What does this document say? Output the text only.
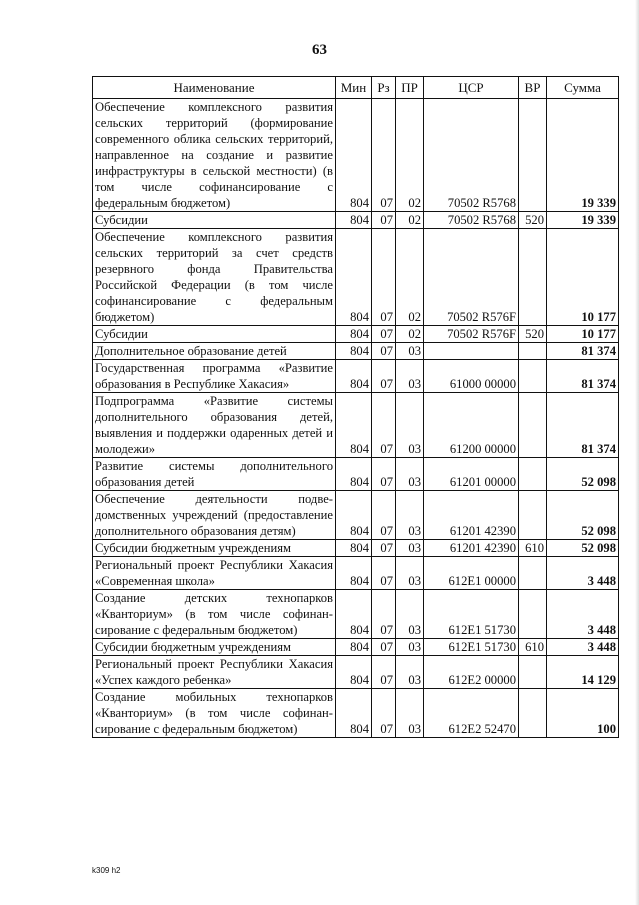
63
Наименование	Мин	Рз	ПР	ЦСР	ВР	Сумма
Обеспечение комплексного развития сельских территорий (формирование современного облика сельских территорий, направленное на создание и развитие инфраструктуры в сельской местности) (в том числе софинансирование с федеральным бюджетом)	804	07	02	70502 R5768		19 339
Субсидии	804	07	02	70502 R5768	520	19 339
Обеспечение комплексного развития сельских территорий за счет средств резервного фонда Правительства Российской Федерации (в том числе софинансирование с федеральным бюджетом)	804	07	02	70502 R576F		10 177
Субсидии	804	07	02	70502 R576F	520	10 177
Дополнительное образование детей	804	07	03			81 374
Государственная программа «Развитие образования в Республике Хакасия»	804	07	03	61000 00000		81 374
Подпрограмма «Развитие системы дополнительного образования детей, выявления и поддержки одаренных детей и молодежи»	804	07	03	61200 00000		81 374
Развитие системы дополнительного образования детей	804	07	03	61201 00000		52 098
Обеспечение деятельности подведомственных учреждений (предоставление дополнительного образования детям)	804	07	03	61201 42390		52 098
Субсидии бюджетным учреждениям	804	07	03	61201 42390	610	52 098
Региональный проект Республики Хакасия «Современная школа»	804	07	03	612E1 00000		3 448
Создание детских технопарков «Кванториум» (в том числе софинансирование с федеральным бюджетом)	804	07	03	612E1 51730		3 448
Субсидии бюджетным учреждениям	804	07	03	612E1 51730	610	3 448
Региональный проект Республики Хакасия «Успех каждого ребенка»	804	07	03	612E2 00000		14 129
Создание мобильных технопарков «Кванториум» (в том числе софинансирование с федеральным бюджетом)	804	07	03	612E2 52470		100
k309 h2
